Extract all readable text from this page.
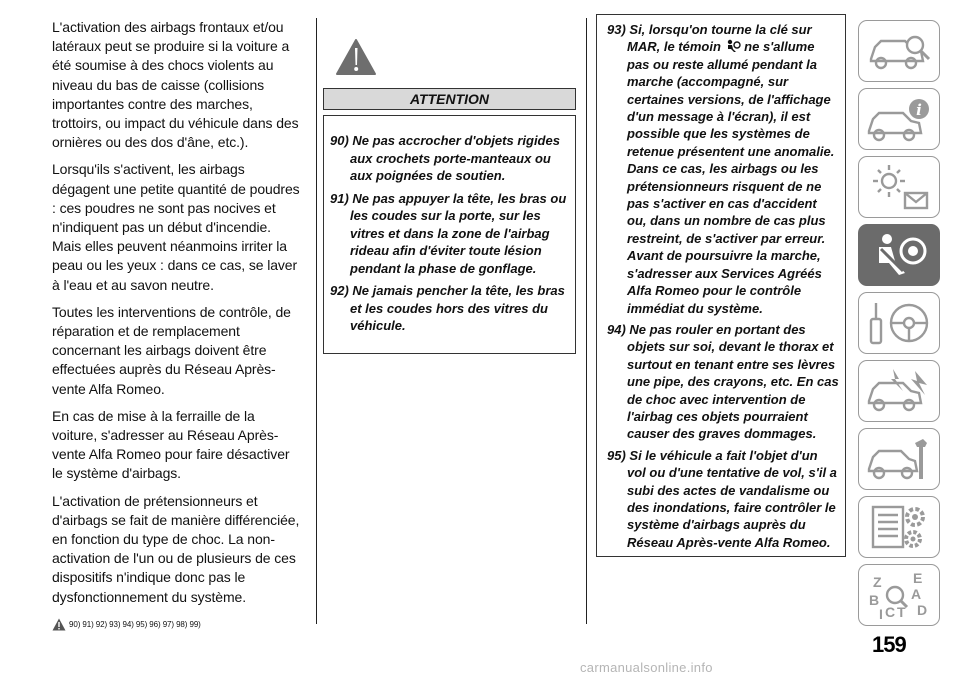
L'activation des airbags frontaux et/ou latéraux peut se produire si la voiture a été soumise à des chocs violents au niveau du bas de caisse (collisions importantes contre des marches, trottoirs, ou impact du véhicule dans des ornières ou des dos d'âne, etc.).

Lorsqu'ils s'activent, les airbags dégagent une petite quantité de poudres : ces poudres ne sont pas nocives et n'indiquent pas un début d'incendie. Mais elles peuvent néanmoins irriter la peau ou les yeux : dans ce cas, se laver à l'eau et au savon neutre.

Toutes les interventions de contrôle, de réparation et de remplacement concernant les airbags doivent être effectuées auprès du Réseau Après-vente Alfa Romeo.

En cas de mise à la ferraille de la voiture, s'adresser au Réseau Après-vente Alfa Romeo pour faire désactiver le système d'airbags.

L'activation de prétensionneurs et d'airbags se fait de manière différenciée, en fonction du type de choc. La non-activation de l'un ou de plusieurs de ces dispositifs n'indique donc pas le dysfonctionnement du système.

90) 91) 92) 93) 94) 95) 96) 97) 98) 99)
ATTENTION

90) Ne pas accrocher d'objets rigides aux crochets porte-manteaux ou aux poignées de soutien.

91) Ne pas appuyer la tête, les bras ou les coudes sur la porte, sur les vitres et dans la zone de l'airbag rideau afin d'éviter toute lésion pendant la phase de gonflage.

92) Ne jamais pencher la tête, les bras et les coudes hors des vitres du véhicule.

93) Si, lorsqu'on tourne la clé sur MAR, le témoin ne s'allume pas ou reste allumé pendant la marche (accompagné, sur certaines versions, de l'affichage d'un message à l'écran), il est possible que les systèmes de retenue présentent une anomalie. Dans ce cas, les airbags ou les prétensionneurs risquent de ne pas s'activer en cas d'accident ou, dans un nombre de cas plus restreint, de s'activer par erreur. Avant de poursuivre la marche, s'adresser aux Services Agréés Alfa Romeo pour le contrôle immédiat du système.

94) Ne pas rouler en portant des objets sur soi, devant le thorax et surtout en tenant entre ses lèvres une pipe, des crayons, etc. En cas de choc avec intervention de l'airbag ces objets pourraient causer des graves dommages.

95) Si le véhicule a fait l'objet d'un vol ou d'une tentative de vol, s'il a subi des actes de vandalisme ou des inondations, faire contrôler le système d'airbags auprès du Réseau Après-vente Alfa Romeo.

i
Z E
A
B
C T D
I
159
carmanualsonline.info
